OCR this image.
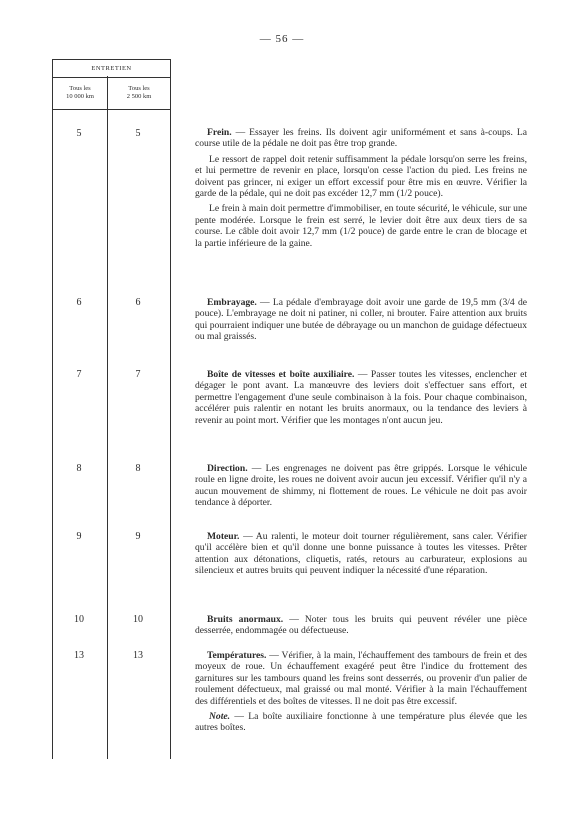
— 56 —
ENTRETIEN
Tous les
10 000 km
Tous les
2 500 km
5	5	Frein. — Essayer les freins. Ils doivent agir uniformément et sans à-coups. La course utile de la pédale ne doit pas être trop grande.

Le ressort de rappel doit retenir suffisamment la pédale lorsqu'on serre les freins, et lui permettre de revenir en place, lorsqu'on cesse l'action du pied. Les freins ne doivent pas grincer, ni exiger un effort excessif pour être mis en œuvre. Vérifier la garde de la pédale, qui ne doit pas excéder 12,7 mm (1/2 pouce).

Le frein à main doit permettre d'immobiliser, en toute sécurité, le véhicule, sur une pente modérée. Lorsque le frein est serré, le levier doit être aux deux tiers de sa course. Le câble doit avoir 12,7 mm (1/2 pouce) de garde entre le cran de blocage et la partie inférieure de la gaine.

6	6	Embrayage. — La pédale d'embrayage doit avoir une garde de 19,5 mm (3/4 de pouce). L'embrayage ne doit ni patiner, ni coller, ni brouter. Faire attention aux bruits qui pourraient indiquer une butée de débrayage ou un manchon de guidage défectueux ou mal graissés.

7	7	Boîte de vitesses et boîte auxiliaire. — Passer toutes les vitesses, enclencher et dégager le pont avant. La manœuvre des leviers doit s'effectuer sans effort, et permettre l'engagement d'une seule combinaison à la fois. Pour chaque combinaison, accélérer puis ralentir en notant les bruits anormaux, ou la tendance des leviers à revenir au point mort. Vérifier que les montages n'ont aucun jeu.

8	8	Direction. — Les engrenages ne doivent pas être grippés. Lorsque le véhicule roule en ligne droite, les roues ne doivent avoir aucun jeu excessif. Vérifier qu'il n'y a aucun mouvement de shimmy, ni flottement de roues. Le véhicule ne doit pas avoir tendance à déporter.

9	9	Moteur. — Au ralenti, le moteur doit tourner régulièrement, sans caler. Vérifier qu'il accélère bien et qu'il donne une bonne puissance à toutes les vitesses. Prêter attention aux détonations, cliquetis, ratés, retours au carburateur, explosions au silencieux et autres bruits qui peuvent indiquer la nécessité d'une réparation.

10	10	Bruits anormaux. — Noter tous les bruits qui peuvent révéler une pièce desserrée, endommagée ou défectueuse.

13	13	Températures. — Vérifier, à la main, l'échauffement des tambours de frein et des moyeux de roue. Un échauffement exagéré peut être l'indice du frottement des garnitures sur les tambours quand les freins sont desserrés, ou provenir d'un palier de roulement défectueux, mal graissé ou mal monté. Vérifier à la main l'échauffement des différentiels et des boîtes de vitesses. Il ne doit pas être excessif.

Note. — La boîte auxiliaire fonctionne à une température plus élevée que les autres boîtes.
